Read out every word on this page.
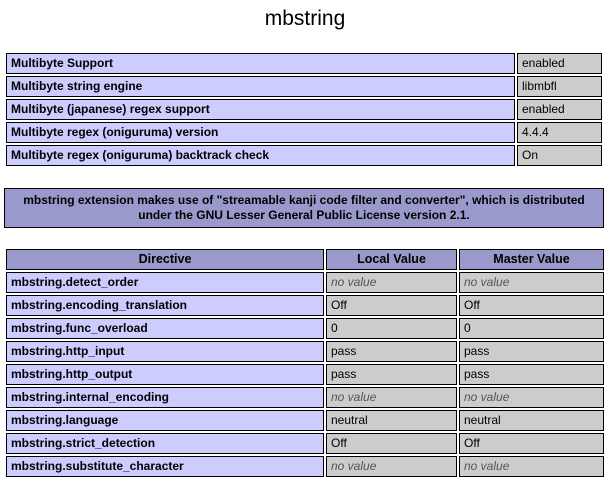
mbstring
Multibyte Support	enabled
Multibyte string engine	libmbfl
Multibyte (japanese) regex support	enabled
Multibyte regex (oniguruma) version	4.4.4
Multibyte regex (oniguruma) backtrack check	On
mbstring extension makes use of "streamable kanji code filter and converter", which is distributed under the GNU Lesser General Public License version 2.1.
Directive	Local Value	Master Value
mbstring.detect_order	no value	no value
mbstring.encoding_translation	Off	Off
mbstring.func_overload	0	0
mbstring.http_input	pass	pass
mbstring.http_output	pass	pass
mbstring.internal_encoding	no value	no value
mbstring.language	neutral	neutral
mbstring.strict_detection	Off	Off
mbstring.substitute_character	no value	no value
